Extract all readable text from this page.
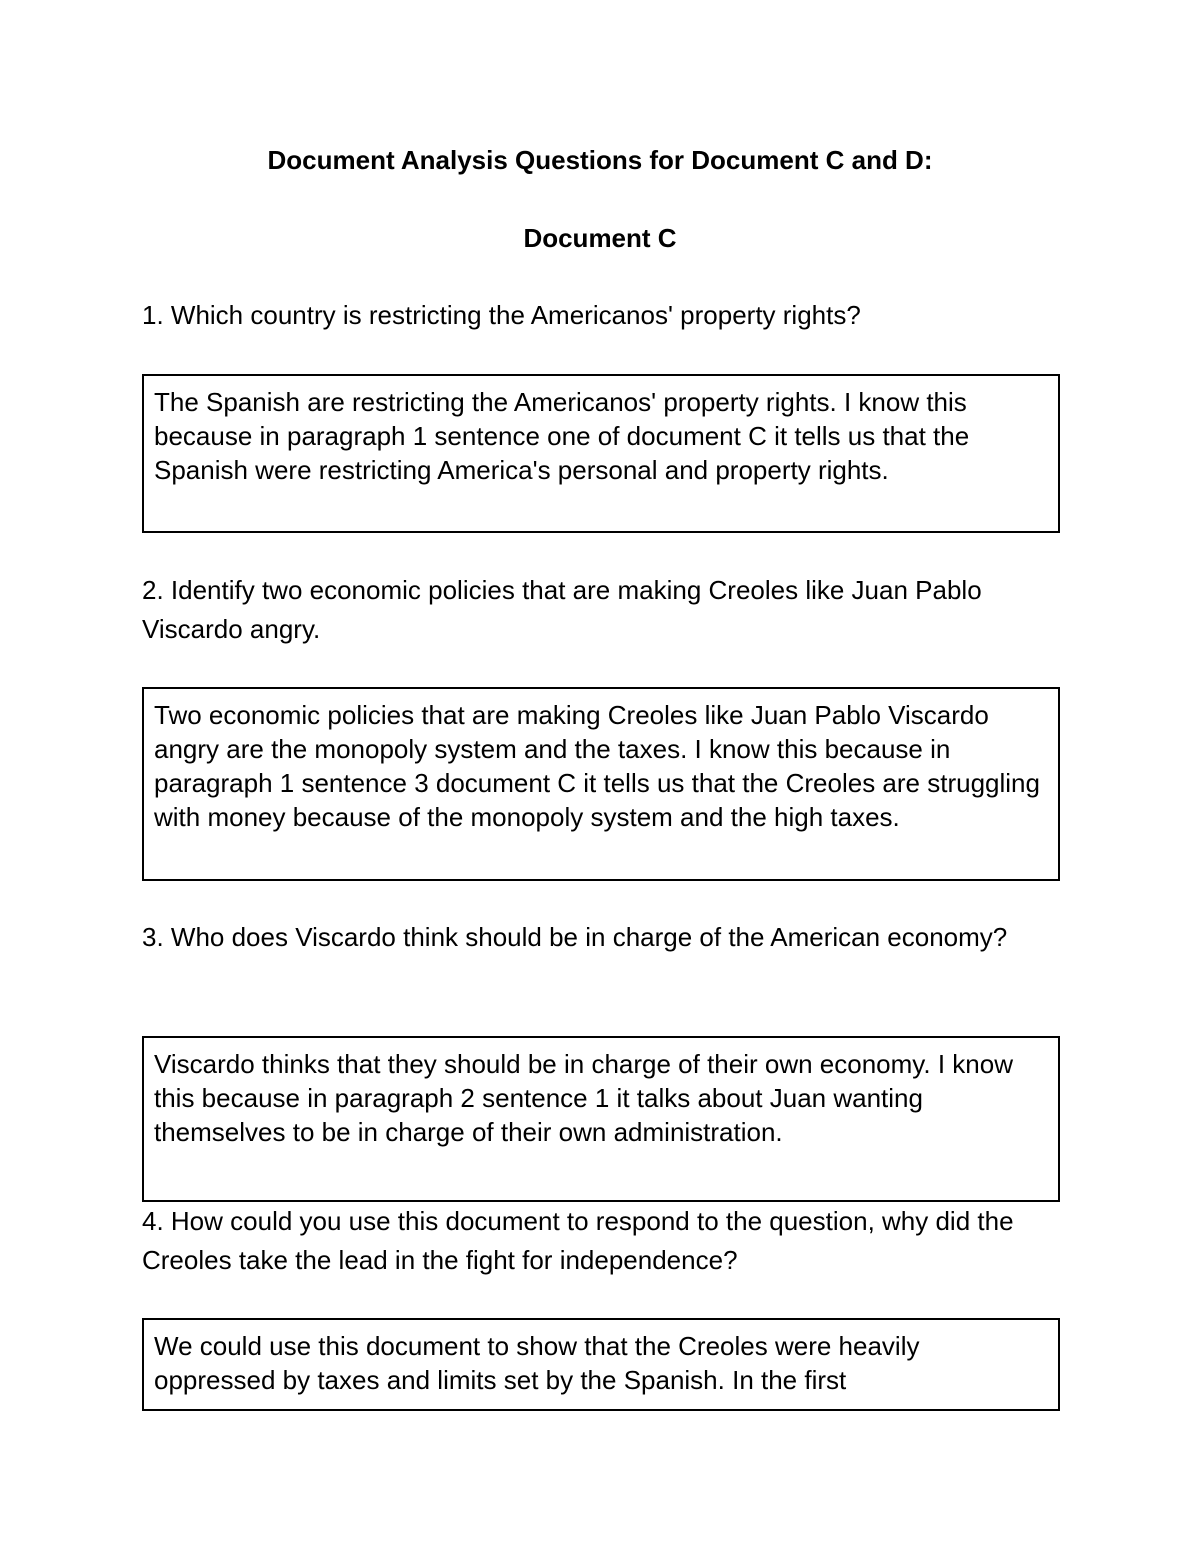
Document Analysis Questions for Document C and D:
Document C

1. Which country is restricting the Americanos' property rights?

The Spanish are restricting the Americanos' property rights. I know this because in paragraph 1 sentence one of document C it tells us that the Spanish were restricting America's personal and property rights.

2. Identify two economic policies that are making Creoles like Juan Pablo Viscardo angry.

Two economic policies that are making Creoles like Juan Pablo Viscardo angry are the monopoly system and the taxes. I know this because in paragraph 1 sentence 3 document C it tells us that the Creoles are struggling with money because of the monopoly system and the high taxes.

3. Who does Viscardo think should be in charge of the American economy?

Viscardo thinks that they should be in charge of their own economy. I know this because in paragraph 2 sentence 1 it talks about Juan wanting themselves to be in charge of their own administration.

4. How could you use this document to respond to the question, why did the Creoles take the lead in the fight for independence?

We could use this document to show that the Creoles were heavily oppressed by taxes and limits set by the Spanish. In the first
